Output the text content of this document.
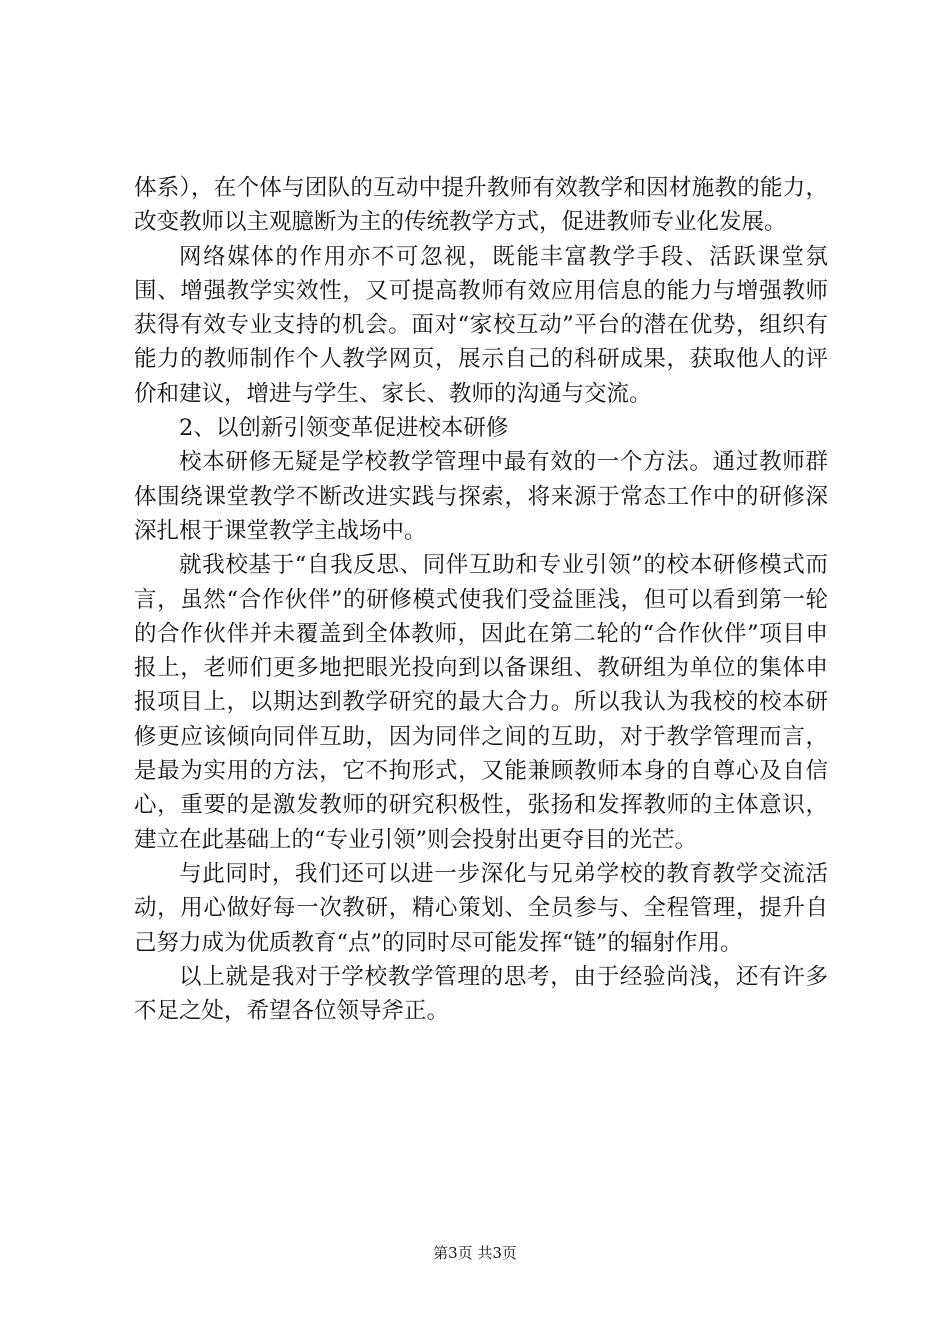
体系），在个体与团队的互动中提升教师有效教学和因材施教的能力，改变教师以主观臆断为主的传统教学方式，促进教师专业化发展。

网络媒体的作用亦不可忽视，既能丰富教学手段、活跃课堂氛围、增强教学实效性，又可提高教师有效应用信息的能力与增强教师获得有效专业支持的机会。面对“家校互动”平台的潜在优势，组织有能力的教师制作个人教学网页，展示自己的科研成果，获取他人的评价和建议，增进与学生、家长、教师的沟通与交流。

2、以创新引领变革促进校本研修

校本研修无疑是学校教学管理中最有效的一个方法。通过教师群体围绕课堂教学不断改进实践与探索，将来源于常态工作中的研修深深扎根于课堂教学主战场中。

就我校基于“自我反思、同伴互助和专业引领”的校本研修模式而言，虽然“合作伙伴”的研修模式使我们受益匪浅，但可以看到第一轮的合作伙伴并未覆盖到全体教师，因此在第二轮的“合作伙伴”项目申报上，老师们更多地把眼光投向到以备课组、教研组为单位的集体申报项目上，以期达到教学研究的最大合力。所以我认为我校的校本研修更应该倾向同伴互助，因为同伴之间的互助，对于教学管理而言，是最为实用的方法，它不拘形式，又能兼顾教师本身的自尊心及自信心，重要的是激发教师的研究积极性，张扬和发挥教师的主体意识，建立在此基础上的“专业引领”则会投射出更夺目的光芒。

与此同时，我们还可以进一步深化与兄弟学校的教育教学交流活动，用心做好每一次教研，精心策划、全员参与、全程管理，提升自己努力成为优质教育“点”的同时尽可能发挥“链”的辐射作用。

以上就是我对于学校教学管理的思考，由于经验尚浅，还有许多不足之处，希望各位领导斧正。

第3页 共3页
